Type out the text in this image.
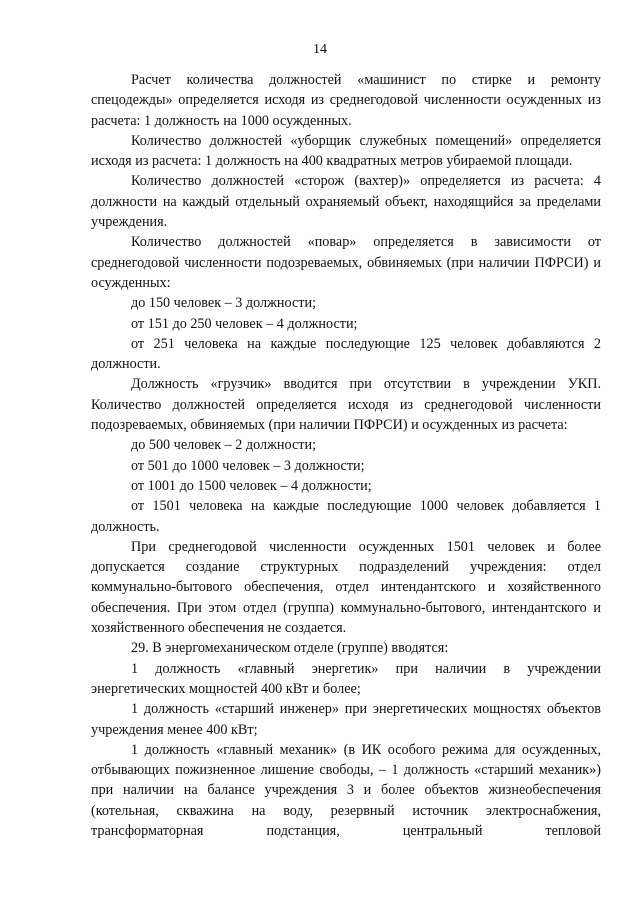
14

Расчет количества должностей «машинист по стирке и ремонту спецодежды» определяется исходя из среднегодовой численности осужденных из расчета: 1 должность на 1000 осужденных.

Количество должностей «уборщик служебных помещений» определяется исходя из расчета: 1 должность на 400 квадратных метров убираемой площади.

Количество должностей «сторож (вахтер)» определяется из расчета: 4 должности на каждый отдельный охраняемый объект, находящийся за пределами учреждения.

Количество должностей «повар» определяется в зависимости от среднегодовой численности подозреваемых, обвиняемых (при наличии ПФРСИ) и осужденных:

до 150 человек – 3 должности;

от 151 до 250 человек – 4 должности;

от 251 человека на каждые последующие 125 человек добавляются 2 должности.

Должность «грузчик» вводится при отсутствии в учреждении УКП. Количество должностей определяется исходя из среднегодовой численности подозреваемых, обвиняемых (при наличии ПФРСИ) и осужденных из расчета:

до 500 человек – 2 должности;

от 501 до 1000 человек – 3 должности;

от 1001 до 1500 человек – 4 должности;

от 1501 человека на каждые последующие 1000 человек добавляется 1 должность.

При среднегодовой численности осужденных 1501 человек и более допускается создание структурных подразделений учреждения: отдел коммунально-бытового обеспечения, отдел интендантского и хозяйственного обеспечения. При этом отдел (группа) коммунально-бытового, интендантского и хозяйственного обеспечения не создается.

29. В энергомеханическом отделе (группе) вводятся:

1 должность «главный энергетик» при наличии в учреждении энергетических мощностей 400 кВт и более;

1 должность «старший инженер» при энергетических мощностях объектов учреждения менее 400 кВт;

1 должность «главный механик» (в ИК особого режима для осужденных, отбывающих пожизненное лишение свободы, – 1 должность «старший механик») при наличии на балансе учреждения 3 и более объектов жизнеобеспечения (котельная, скважина на воду, резервный источник электроснабжения, трансформаторная подстанция, центральный тепловой
